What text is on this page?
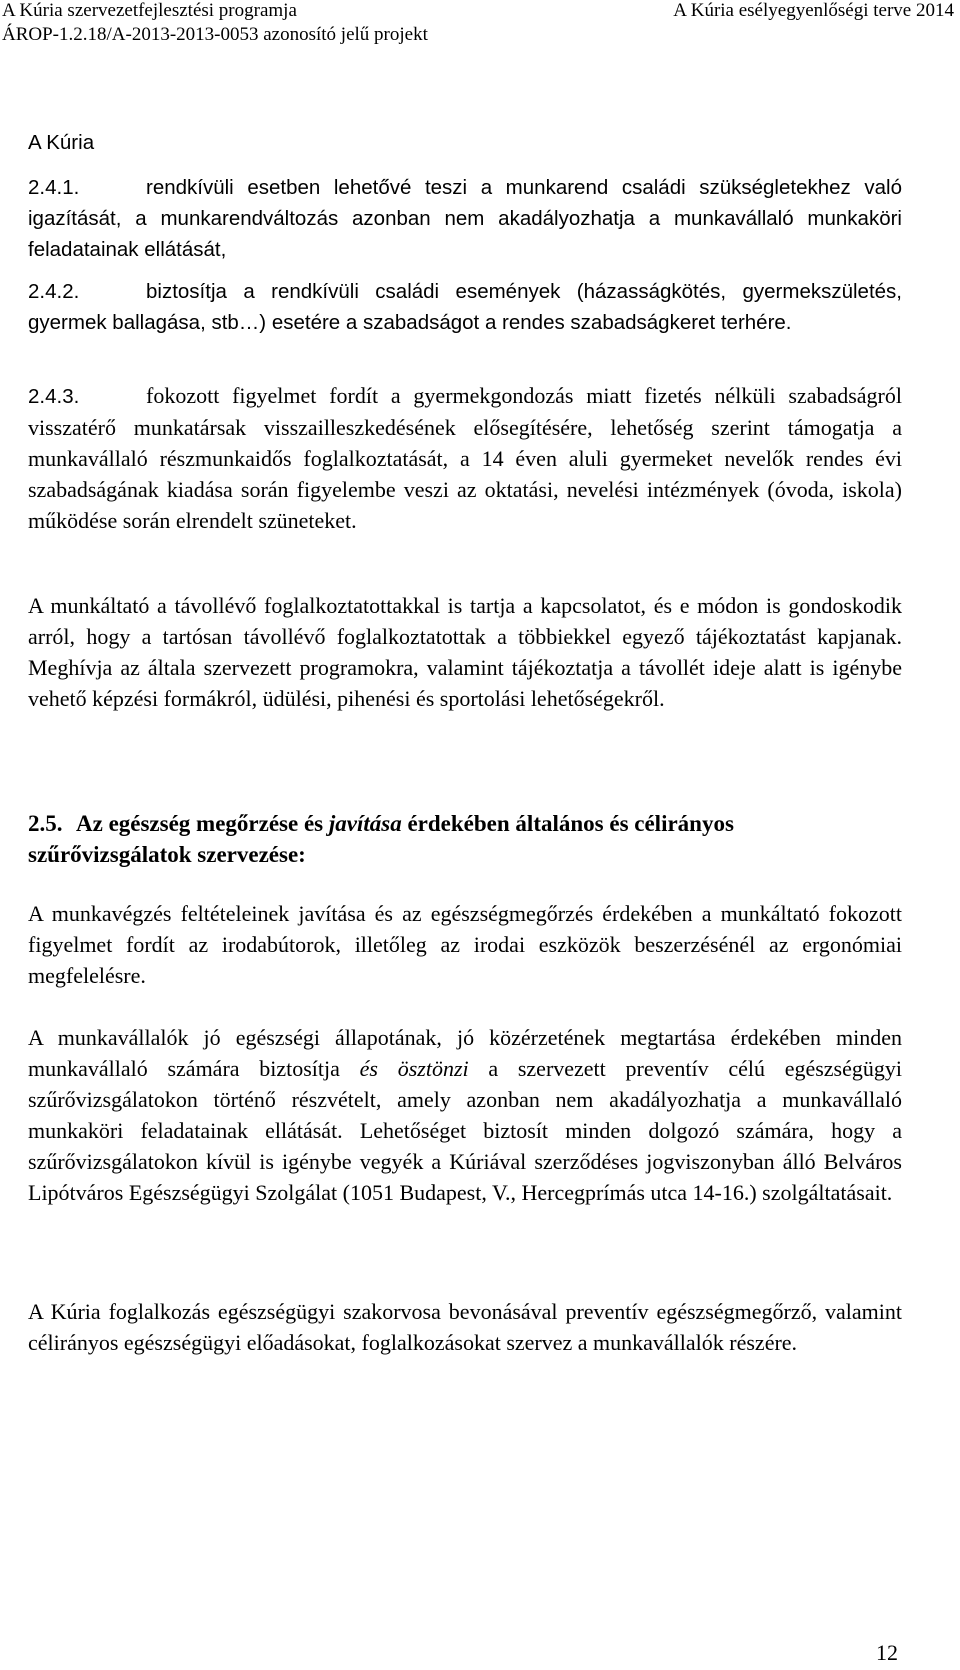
A Kúria szervezetfejlesztési programja
ÁROP-1.2.18/A-2013-2013-0053 azonosító jelű projekt
A Kúria esélyegyenlőségi terve 2014

A Kúria

2.4.1.	rendkívüli esetben lehetővé teszi a munkarend családi szükségletekhez való igazítását, a munkarendváltozás azonban nem akadályozhatja a munkavállaló munkaköri feladatainak ellátását,

2.4.2.	biztosítja a rendkívüli családi események (házasságkötés, gyermekszületés, gyermek ballagása, stb…) esetére a szabadságot a rendes szabadságkeret terhére.

2.4.3.	fokozott figyelmet fordít a gyermekgondozás miatt fizetés nélküli szabadságról visszatérő munkatársak visszailleszkedésének elősegítésére, lehetőség szerint támogatja a munkavállaló részmunkaidős foglalkoztatását, a 14 éven aluli gyermeket nevelők rendes évi szabadságának kiadása során figyelembe veszi az oktatási, nevelési intézmények (óvoda, iskola) működése során elrendelt szüneteket.

A munkáltató a távollévő foglalkoztatottakkal is tartja a kapcsolatot, és e módon is gondoskodik arról, hogy a tartósan távollévő foglalkoztatottak a többiekkel egyező tájékoztatást kapjanak. Meghívja az általa szervezett programokra, valamint tájékoztatja a távollét ideje alatt is igénybe vehető képzési formákról, üdülési, pihenési és sportolási lehetőségekről.

2.5. Az egészség megőrzése és javítása érdekében általános és célirányos szűrővizsgálatok szervezése:

A munkavégzés feltételeinek javítása és az egészségmegőrzés érdekében a munkáltató fokozott figyelmet fordít az irodabútorok, illetőleg az irodai eszközök beszerzésénél az ergonómiai megfelelésre.

A munkavállalók jó egészségi állapotának, jó közérzetének megtartása érdekében minden munkavállaló számára biztosítja és ösztönzi a szervezett preventív célú egészségügyi szűrővizsgálatokon történő részvételt, amely azonban nem akadályozhatja a munkavállaló munkaköri feladatainak ellátását. Lehetőséget biztosít minden dolgozó számára, hogy a szűrővizsgálatokon kívül is igénybe vegyék a Kúriával szerződéses jogviszonyban álló Belváros Lipótváros Egészségügyi Szolgálat (1051 Budapest, V., Hercegprímás utca 14-16.) szolgáltatásait.

A Kúria foglalkozás egészségügyi szakorvosa bevonásával preventív egészségmegőrző, valamint célirányos egészségügyi előadásokat, foglalkozásokat szervez a munkavállalók részére.

12
